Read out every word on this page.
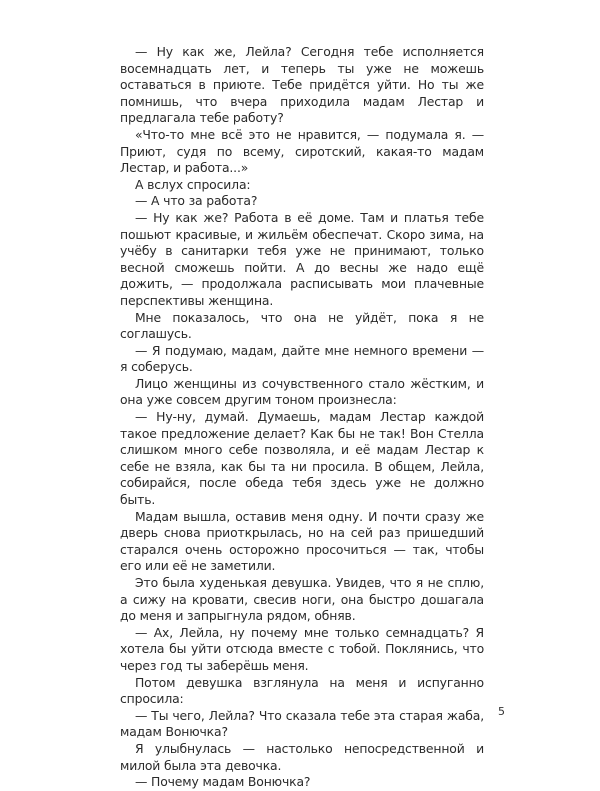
— Ну как же, Лейла? Сегодня тебе исполняется восемнадцать лет, и теперь ты уже не можешь оставаться в приюте. Тебе придётся уйти. Но ты же помнишь, что вчера приходила мадам Лестар и предлагала тебе работу?

«Что-то мне всё это не нравится, — подумала я. — Приют, судя по всему, сиротский, какая-то мадам Лестар, и работа...»

А вслух спросила:

— А что за работа?

— Ну как же? Работа в её доме. Там и платья тебе пошьют красивые, и жильём обеспечат. Скоро зима, на учёбу в санитарки тебя уже не принимают, только весной сможешь пойти. А до весны же надо ещё дожить, — продолжала расписывать мои плачевные перспективы женщина.

Мне показалось, что она не уйдёт, пока я не соглашусь.

— Я подумаю, мадам, дайте мне немного времени — я соберусь.

Лицо женщины из сочувственного стало жёстким, и она уже совсем другим тоном произнесла:

— Ну-ну, думай. Думаешь, мадам Лестар каждой такое предложение делает? Как бы не так! Вон Стелла слишком много себе позволяла, и её мадам Лестар к себе не взяла, как бы та ни просила. В общем, Лейла, собирайся, после обеда тебя здесь уже не должно быть.

Мадам вышла, оставив меня одну. И почти сразу же дверь снова приоткрылась, но на сей раз пришедший старался очень осторожно просочиться — так, чтобы его или её не заметили.

Это была худенькая девушка. Увидев, что я не сплю, а сижу на кровати, свесив ноги, она быстро дошагала до меня и запрыгнула рядом, обняв.

— Ах, Лейла, ну почему мне только семнадцать? Я хотела бы уйти отсюда вместе с тобой. Поклянись, что через год ты заберёшь меня.

Потом девушка взглянула на меня и испуганно спросила:

— Ты чего, Лейла? Что сказала тебе эта старая жаба, мадам Вонючка?

Я улыбнулась — настолько непосредственной и милой была эта девочка.

— Почему мадам Вонючка?

5
